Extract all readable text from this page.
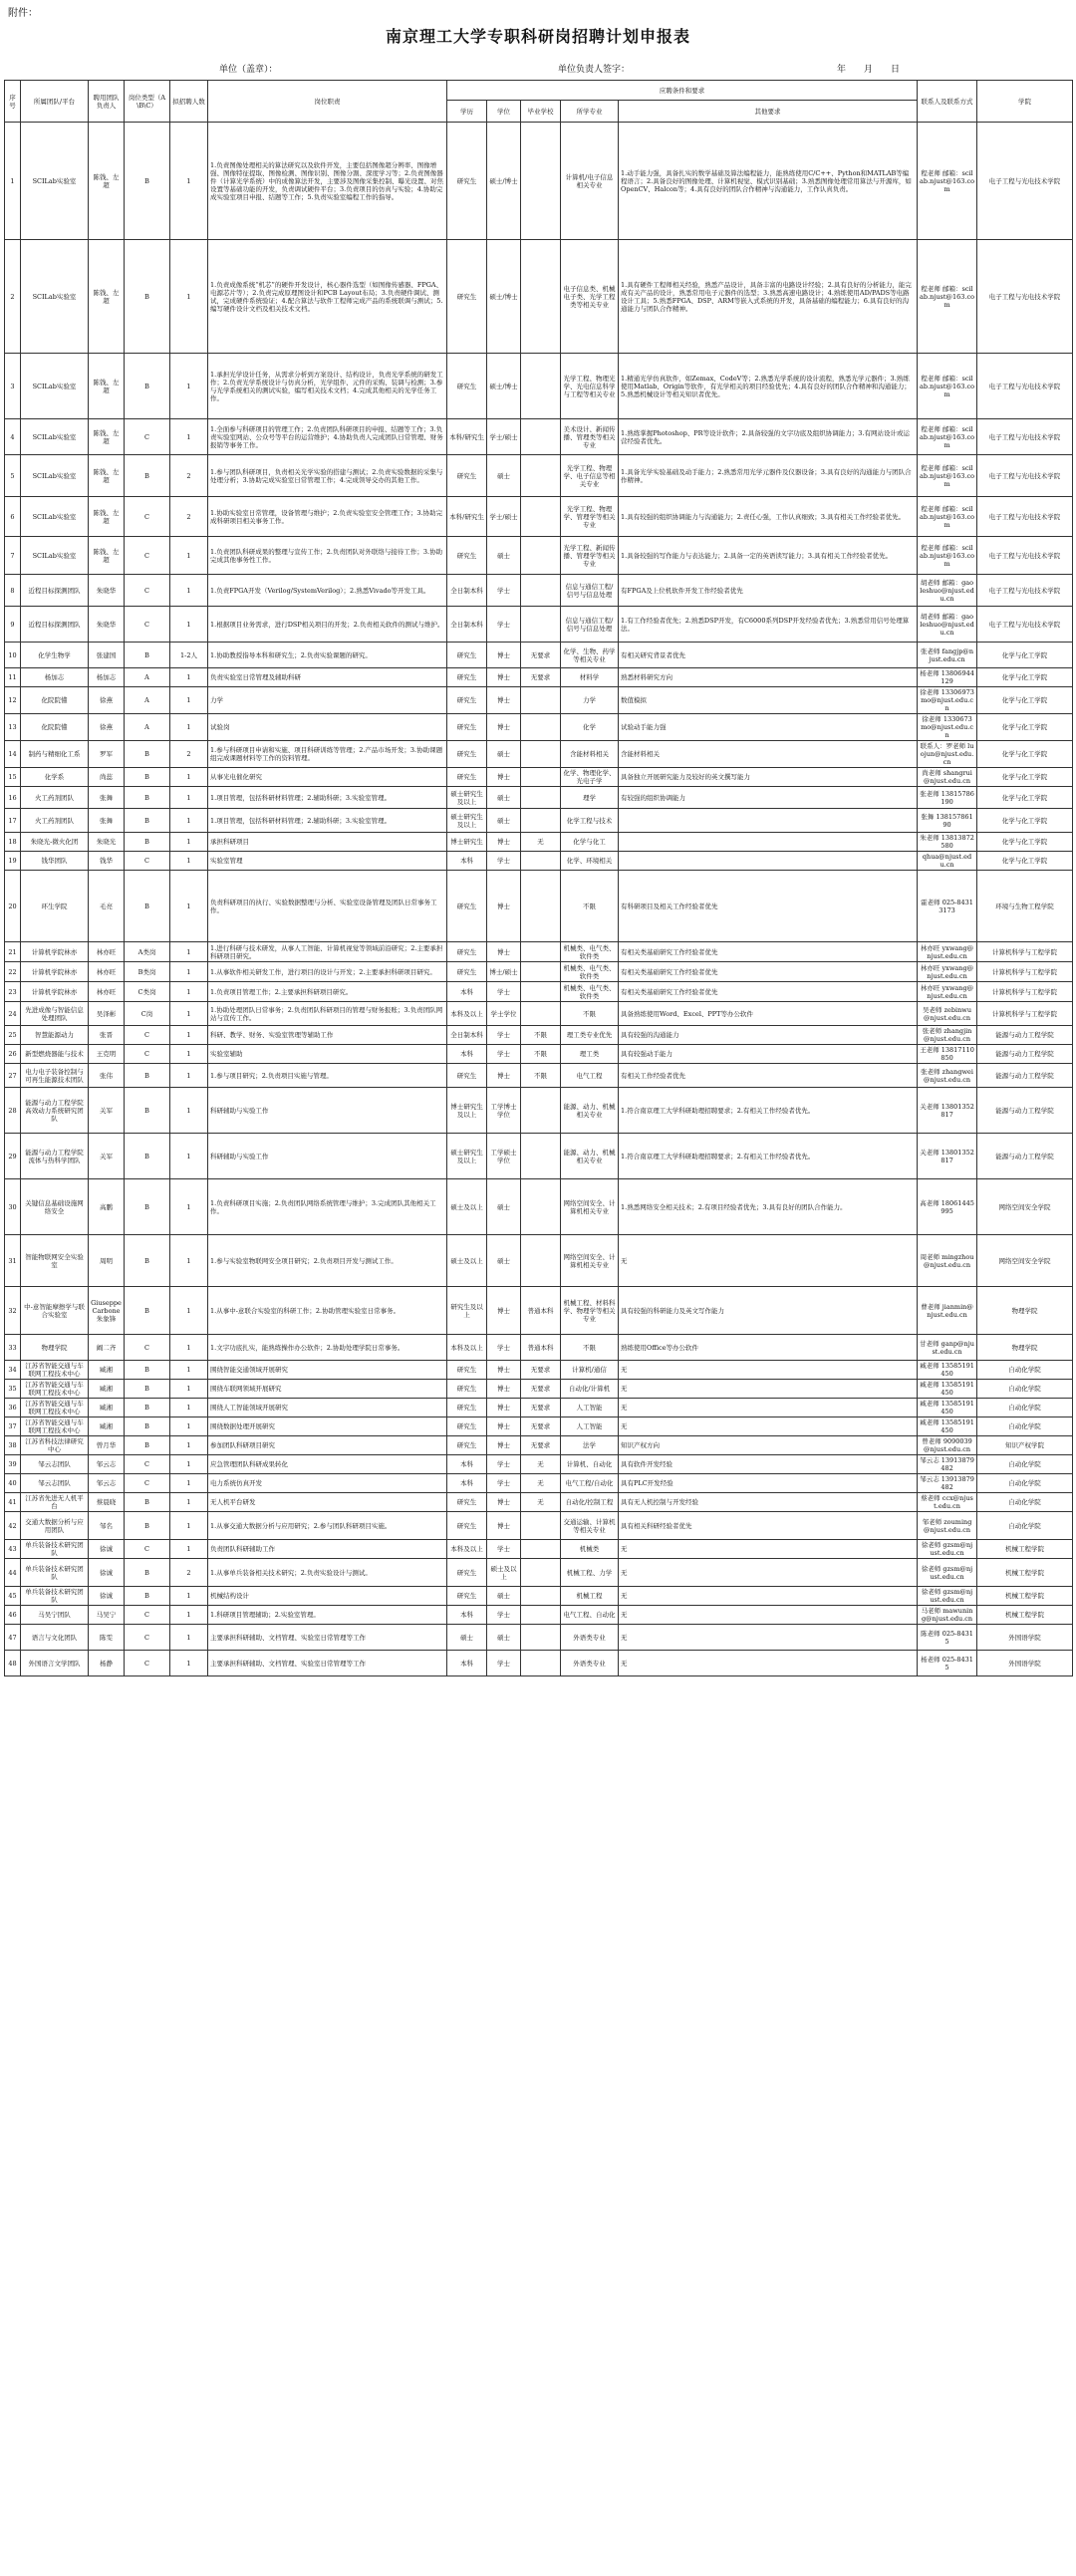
附件：
南京理工大学专职科研岗招聘计划申报表
单位（盖章）：	单位负责人签字：	年　　月　　日
序号	所属团队/平台	聘用团队负责人	岗位类型（A\B\C）	拟招聘人数	岗位职责	应聘条件和要求					联系人及联系方式	学院
						学历	学位	毕业学校	所学专业	其他要求		
1	SCILab实验室	陈钱、左超	B	1	1.负责图像处理相关的算法研究以及软件开发，主要包括图像超分辨率、图像增强、图像特征提取、图像检测、图像识别、图像分割、深度学习等；2.负责图像器件（计算光学系统）中的成像算法开发，主要涉及图像采集控制、曝光设置、对焦设置等基础功能的开发，负责调试硬件平台；3.负责项目的仿真与实验；4.协助完成实验室项目申报、结题等工作；5.负责实验室编程工作的指导。	研究生	硕士/博士		计算机/电子信息相关专业	1.动手能力强，具备扎实的数学基础及算法编程能力，能熟练使用C/C++、Python和MATLAB等编程语言；2.具备良好的图像处理、计算机视觉、模式识别基础；3.熟悉图像处理常用算法与开源库，如OpenCV、Halcon等；4.具有良好的团队合作精神与沟通能力，工作认真负责。	程老师 邮箱：scilab.njust@163.com	电子工程与光电技术学院
2	SCILab实验室	陈钱、左超	B	1	1.负责成像系统“机芯”的硬件开发设计，核心器件选型（如图像传感器、FPGA、电源芯片等）；2.负责完成原理图设计和PCB Layout布局；3.负责硬件调试、测试，完成硬件系统验证；4.配合算法与软件工程师完成产品的系统联调与测试；5.编写硬件设计文档及相关技术文档。	研究生	硕士/博士		电子信息类、机械电子类、光学工程类等相关专业	1.具有硬件工程师相关经验，熟悉产品设计，具备丰富的电路设计经验；2.具有良好的分析能力，能完成有关产品的设计，熟悉常用电子元器件的选型；3.熟悉高速电路设计；4.熟练使用AD/PADS等电路设计工具；5.熟悉FPGA、DSP、ARM等嵌入式系统的开发，具备基础的编程能力；6.具有良好的沟通能力与团队合作精神。	程老师 邮箱：scilab.njust@163.com	电子工程与光电技术学院
3	SCILab实验室	陈钱、左超	B	1	1.承担光学设计任务，从需求分析到方案设计、结构设计，负责光学系统的研发工作；2.负责光学系统设计与仿真分析，光学组件、元件的采购、装调与检测；3.参与光学系统相关的测试实验，编写相关技术文档；4.完成其他相关的光学任务工作。	研究生	硕士/博士		光学工程、物理光学、光电信息科学与工程等相关专业	1.精通光学仿真软件，如Zemax、CodeV等；2.熟悉光学系统的设计流程，熟悉光学元器件；3.熟练使用Matlab、Origin等软件，有光学相关的项目经验优先；4.具有良好的团队合作精神和沟通能力；5.熟悉机械设计等相关知识者优先。	程老师 邮箱：scilab.njust@163.com	电子工程与光电技术学院
4	SCILab实验室	陈钱、左超	C	1	1.全面参与科研项目的管理工作；2.负责团队科研项目的申报、结题等工作；3.负责实验室网站、公众号等平台的运营维护；4.协助负责人完成团队日常管理、财务报销等事务工作。	本科/研究生	学士/硕士		美术设计、新闻传播、管理类等相关专业	1.熟练掌握Photoshop、PR等设计软件；2.具备较强的文字功底及组织协调能力；3.有网站设计或运营经验者优先。	程老师 邮箱：scilab.njust@163.com	电子工程与光电技术学院
5	SCILab实验室	陈钱、左超	B	2	1.参与团队科研项目，负责相关光学实验的搭建与测试；2.负责实验数据的采集与处理分析；3.协助完成实验室日常管理工作；4.完成领导交办的其他工作。	研究生	硕士		光学工程、物理学、电子信息等相关专业	1.具备光学实验基础及动手能力；2.熟悉常用光学元器件及仪器设备；3.具有良好的沟通能力与团队合作精神。	程老师 邮箱：scilab.njust@163.com	电子工程与光电技术学院
6	SCILab实验室	陈钱、左超	C	2	1.协助实验室日常管理，设备管理与维护；2.负责实验室安全管理工作；3.协助完成科研项目相关事务工作。	本科/研究生	学士/硕士		光学工程、物理学、管理学等相关专业	1.具有较强的组织协调能力与沟通能力；2.责任心强，工作认真细致；3.具有相关工作经验者优先。	程老师 邮箱：scilab.njust@163.com	电子工程与光电技术学院
7	SCILab实验室	陈钱、左超	C	1	1.负责团队科研成果的整理与宣传工作；2.负责团队对外联络与接待工作；3.协助完成其他事务性工作。	研究生	硕士		光学工程、新闻传播、管理学等相关专业	1.具备较强的写作能力与表达能力；2.具备一定的英语读写能力；3.具有相关工作经验者优先。	程老师 邮箱：scilab.njust@163.com	电子工程与光电技术学院
8	近程目标探测团队	朱晓华	C	1	1.负责FPGA开发（Verilog/SystemVerilog）；2.熟悉Vivado等开发工具。	全日制本科	学士		信息与通信工程/信号与信息处理	有FPGA及上位机软件开发工作经验者优先	胡老师 邮箱：gaoleshuo@njust.edu.cn	电子工程与光电技术学院
9	近程目标探测团队	朱晓华	C	1	1.根据项目业务需求，进行DSP相关项目的开发；2.负责相关软件的测试与维护。	全日制本科	学士		信息与通信工程/信号与信息处理	1.有工作经验者优先；2.熟悉DSP开发，有C6000系列DSP开发经验者优先；3.熟悉常用信号处理算法。	胡老师 邮箱：gaoleshuo@njust.edu.cn	电子工程与光电技术学院
10	化学生物学	张建国	B	1-2人	1.协助教授指导本科和研究生；2.负责实验课题的研究。	研究生	博士	无要求	化学、生物、药学等相关专业	有相关研究背景者优先	张老师 fangjp@njust.edu.cn	化学与化工学院
11	杨加志	杨加志	A	1	负责实验室日常管理及辅助科研	研究生	博士	无要求	材料学	熟悉材料研究方向	杨老师 13806944129	化学与化工学院
12	化院院懂	徐燕	A	1	力学	研究生	博士		力学	数值模拟	徐老师 13306973mo@njust.edu.cn	化学与化工学院
13	化院院懂	徐燕	A	1	试验岗	研究生	博士		化学	试验动手能力强	徐老师 1330673mo@njust.edu.cn	化学与化工学院
14	制药与精细化工系	罗军	B	2	1.参与科研项目申请和实施、项目科研训练等管理；2.产品市场开发；3.协助课题组完成课题材料等工作的资料管理。	研究生	硕士		含能材料相关	含能材料相关	联系人：罗老师 luojun@njust.edu.cn	化学与化工学院
15	化学系	尚蕊	B	1	从事光电催化研究	研究生	博士		化学、物理化学、光电子学	具备独立开展研究能力及较好的英文撰写能力	尚老师 shangrui@njust.edu.cn	化学与化工学院
16	火工药剂团队	张舞	B	1	1.项目管理，包括科研材料管理；2.辅助科研；3.实验室管理。	硕士研究生及以上	硕士		理学	有较强的组织协调能力	张老师 13815786190	化学与化工学院
17	火工药剂团队	张舞	B	1	1.项目管理，包括科研材料管理；2.辅助科研；3.实验室管理。	硕士研究生及以上	硕士		化学工程与技术		张舞 13815786190	化学与化工学院
18	朱晓光-微火化团	朱晓光	B	1	承担科研项目	博士研究生	博士	无	化学与化工		朱老师 13813872580	化学与化工学院
19	钱华团队	钱华	C	1	实验室管理	本科	学士		化学、环境相关		qhua@njust.edu.cn	化学与化工学院
20	环生学院	毛亮	B	1	负责科研项目的执行、实验数据整理与分析、实验室设备管理及团队日常事务工作。	研究生	博士		不限	有科研项目及相关工作经验者优先	霍老师 025-84313173	环境与生物工程学院
21	计算机学院林亦	林亦旺	A类岗	1	1.进行科研与技术研发，从事人工智能、计算机视觉等领域前沿研究；2.主要承担科研项目研究。	研究生	博士		机械类、电气类、软件类	有相关类基础研究工作经验者优先	林亦旺 yxwang@njust.edu.cn	计算机科学与工程学院
22	计算机学院林亦	林亦旺	B类岗	1	1.从事软件相关研发工作，进行项目的设计与开发；2.主要承担科研项目研究。	研究生	博士/硕士		机械类、电气类、软件类	有相关类基础研究工作经验者优先	林亦旺 yxwang@njust.edu.cn	计算机科学与工程学院
23	计算机学院林亦	林亦旺	C类岗	1	1.负责项目管理工作；2.主要承担科研项目研究。	本科	学士		机械类、电气类、软件类	有相关类基础研究工作经验者优先	林亦旺 yxwang@njust.edu.cn	计算机科学与工程学院
24	先进成像与智能信息处理团队	吴泽彬	C岗	1	1.协助处理团队日常事务；2.负责团队科研项目的管理与财务报账；3.负责团队网站与宣传工作。	本科及以上	学士学位		不限	具备熟练使用Word、Excel、PPT等办公软件	吴老师 zebinwu@njust.edu.cn	计算机科学与工程学院
25	智慧能源动力	张晋	C	1	科研、教学、财务、实验室管理等辅助工作	全日制本科	学士	不限	理工类专业优先	具有较强的沟通能力	张老师 zhangjin@njust.edu.cn	能源与动力工程学院
26	新型燃烧器能与技术	王克明	C	1	实验室辅助	本科	学士	不限	理工类	具有较强动手能力	王老师 13817110850	能源与动力工程学院
27	电力电子装备控制与可再生能源技术团队	张伟	B	1	1.参与项目研究；2.负责项目实施与管理。	研究生	博士	不限	电气工程	有相关工作经验者优先	张老师 zhangwei@njust.edu.cn	能源与动力工程学院
28	能源与动力工程学院高效动力系统研究团队	关军	B	1	科研辅助与实验工作	博士研究生及以上	工学博士学位		能源、动力、机械相关专业	1.符合南京理工大学科研助理招聘要求；2.有相关工作经验者优先。	关老师 13801352817	能源与动力工程学院
29	能源与动力工程学院流体与热科学团队	关军	B	1	科研辅助与实验工作	硕士研究生及以上	工学硕士学位		能源、动力、机械相关专业	1.符合南京理工大学科研助理招聘要求；2.有相关工作经验者优先。	关老师 13801352817	能源与动力工程学院
30	关键信息基础设施网络安全	高鹏	B	1	1.负责科研项目实施；2.负责团队网络系统管理与维护；3.完成团队其他相关工作。	硕士及以上	硕士		网络空间安全、计算机相关专业	1.熟悉网络安全相关技术；2.有项目经验者优先；3.具有良好的团队合作能力。	高老师 18061445995	网络空间安全学院
31	智能物联网安全实验室	周明	B	1	1.参与实验室物联网安全项目研究；2.负责项目开发与测试工作。	硕士及以上	硕士		网络空间安全、计算机相关专业	无	周老师 mingzhou@njust.edu.cn	网络空间安全学院
32	中-意智能摩擦学与联合实验室	Giuseppe Carbone 朱象锋	B	1	1.从事中-意联合实验室的科研工作；2.协助管理实验室日常事务。	研究生及以上	博士	普通本科	机械工程、材料科学、物理学等相关专业	具有较强的科研能力及英文写作能力	曹老师 jianmin@njust.edu.cn	物理学院
33	物理学院	阚二齐	C	1	1.文字功底扎实，能熟练操作办公软件；2.协助处理学院日常事务。	本科及以上	学士	普通本科	不限	熟练使用Office等办公软件	甘老师 ganp@njust.edu.cn	物理学院
34	江苏省智能交通与车联网工程技术中心	臧湘	B	1	围绕智能交通领域开展研究	研究生	博士	无要求	计算机/通信	无	臧老师 13585191450	自动化学院
35	江苏省智能交通与车联网工程技术中心	臧湘	B	1	围绕车联网领域开展研究	研究生	博士	无要求	自动化/计算机	无	臧老师 13585191450	自动化学院
36	江苏省智能交通与车联网工程技术中心	臧湘	B	1	围绕人工智能领域开展研究	研究生	博士	无要求	人工智能	无	臧老师 13585191450	自动化学院
37	江苏省智能交通与车联网工程技术中心	臧湘	B	1	围绕数据处理开展研究	研究生	博士	无要求	人工智能	无	臧老师 13585191450	自动化学院
38	江苏省科技法律研究中心	曾月华	B	1	参加团队科研项目研究	研究生	博士	无要求	法学	知识产权方向	曾老师 9090039@njust.edu.cn	知识产权学院
39	邹云志团队	邹云志	C	1	应急管理团队科研成果转化	本科	学士	无	计算机、自动化	具有软件开发经验	邹云志 13913879482	自动化学院
40	邹云志团队	邹云志	C	1	电力系统仿真开发	本科	学士	无	电气工程/自动化	具有PLC开发经验	邹云志 13913879482	自动化学院
41	江苏省先进无人机平台	蔡晨晓	B	1	无人机平台研发	研究生	博士	无	自动化/控制工程	具有无人机控制与开发经验	蔡老师 ccx@njust.edu.cn	自动化学院
42	交通大数据分析与应用团队	邹名	B	1	1.从事交通大数据分析与应用研究；2.参与团队科研项目实施。	研究生	博士		交通运输、计算机等相关专业	具有相关科研经验者优先	邹老师 zouming@njust.edu.cn	自动化学院
43	单兵装备技术研究团队	徐诚	C	1	负责团队科研辅助工作	本科及以上	学士		机械类	无	徐老师 gzsm@njust.edu.cn	机械工程学院
44	单兵装备技术研究团队	徐诚	B	2	1.从事单兵装备相关技术研究；2.负责实验设计与测试。	研究生	硕士及以上		机械工程、力学	无	徐老师 gzsm@njust.edu.cn	机械工程学院
45	单兵装备技术研究团队	徐诚	B	1	机械结构设计	研究生	硕士		机械工程	无	徐老师 gzsm@njust.edu.cn	机械工程学院
46	马吴宁团队	马吴宁	C	1	1.科研项目管理辅助；2.实验室管理。	本科	学士		电气工程、自动化	无	马老师 mawuning@njust.edu.cn	机械工程学院
47	语言与文化团队	陈雯	C	1	主要承担科研辅助、文档管理、实验室日常管理等工作	硕士	硕士		外语类专业	无	陈老师 025-84315	外国语学院
48	外国语言文学团队	杨静	C	1	主要承担科研辅助、文档管理、实验室日常管理等工作	本科	学士		外语类专业	无	杨老师 025-84315	外国语学院
